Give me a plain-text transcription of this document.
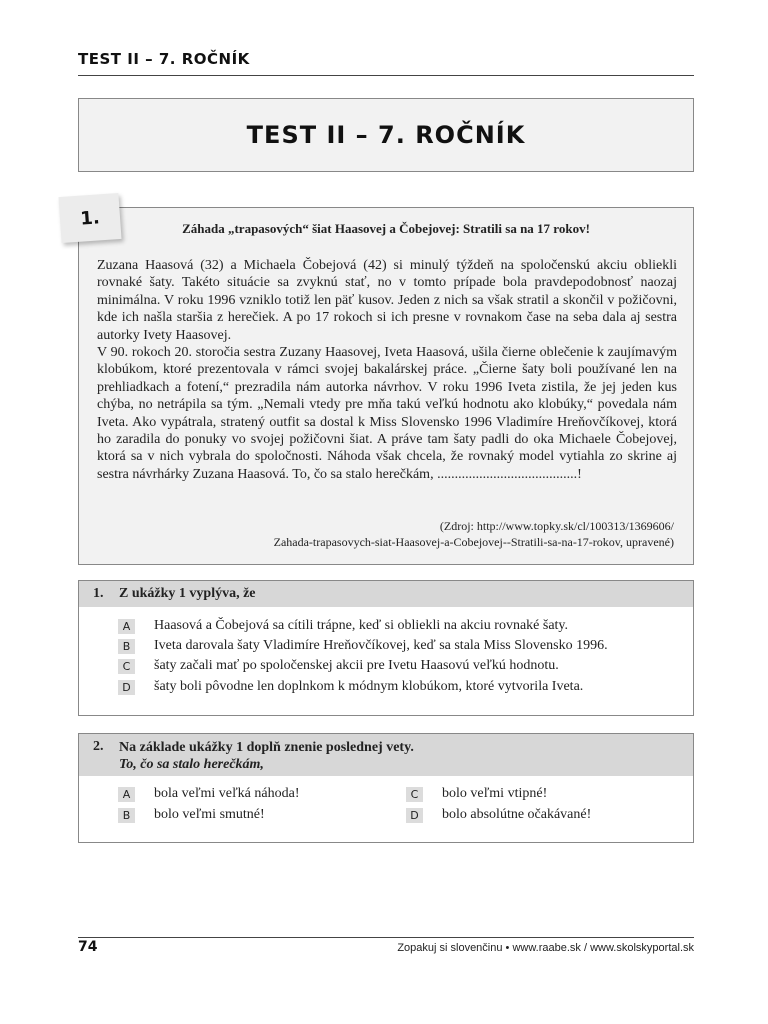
TEST II – 7. ROČNÍK
TEST II – 7. ROČNÍK
Záhada „trapasových“ šiat Haasovej a Čobejovej: Stratili sa na 17 rokov!

Zuzana Haasová (32) a Michaela Čobejová (42) si minulý týždeň na spoločenskú akciu obliekli rovnaké šaty. Takéto situácie sa zvyknú stať, no v tomto prípade bola pravdepodobnosť naozaj minimálna. V roku 1996 vzniklo totiž len päť kusov. Jeden z nich sa však stratil a skončil v požičovni, kde ich našla staršia z herečiek. A po 17 rokoch si ich presne v rovnakom čase na seba dala aj sestra autorky Ivety Haasovej.

V 90. rokoch 20. storočia sestra Zuzany Haasovej, Iveta Haasová, ušila čierne oblečenie k zaujímavým klobúkom, ktoré prezentovala v rámci svojej bakalárskej práce. „Čierne šaty boli používané len na prehliadkach a fotení,“ prezradila nám autorka návrhov. V roku 1996 Iveta zistila, že jej jeden kus chýba, no netrápila sa tým. „Nemali vtedy pre mňa takú veľkú hodnotu ako klobúky,“ povedala nám Iveta. Ako vypátrala, stratený outfit sa dostal k Miss Slovensko 1996 Vladimíre Hreňovčíkovej, ktorá ho zaradila do ponuky vo svojej požičovni šiat. A práve tam šaty padli do oka Michaele Čobejovej, ktorá sa v nich vybrala do spoločnosti. Náhoda však chcela, že rovnaký model vytiahla zo skrine aj sestra návrhárky Zuzana Haasová. To, čo sa stalo herečkám, ........................................!

(Zdroj: http://www.topky.sk/cl/100313/1369606/
Zahada-trapasovych-siat-Haasovej-a-Cobejovej--Stratili-sa-na-17-rokov, upravené)
1.
1.	Z ukážky 1 vyplýva, že
A	Haasová a Čobejová sa cítili trápne, keď si obliekli na akciu rovnaké šaty.
B	Iveta darovala šaty Vladimíre Hreňovčíkovej, keď sa stala Miss Slovensko 1996.
C	šaty začali mať po spoločenskej akcii pre Ivetu Haasovú veľkú hodnotu.
D	šaty boli pôvodne len doplnkom k módnym klobúkom, ktoré vytvorila Iveta.
2.	Na základe ukážky 1 doplň znenie poslednej vety.
To, čo sa stalo herečkám,
A	bola veľmi veľká náhoda!
B	bolo veľmi smutné!
C	bolo veľmi vtipné!
D	bolo absolútne očakávané!
74	Zopakuj si slovenčinu • www.raabe.sk / www.skolskyportal.sk
